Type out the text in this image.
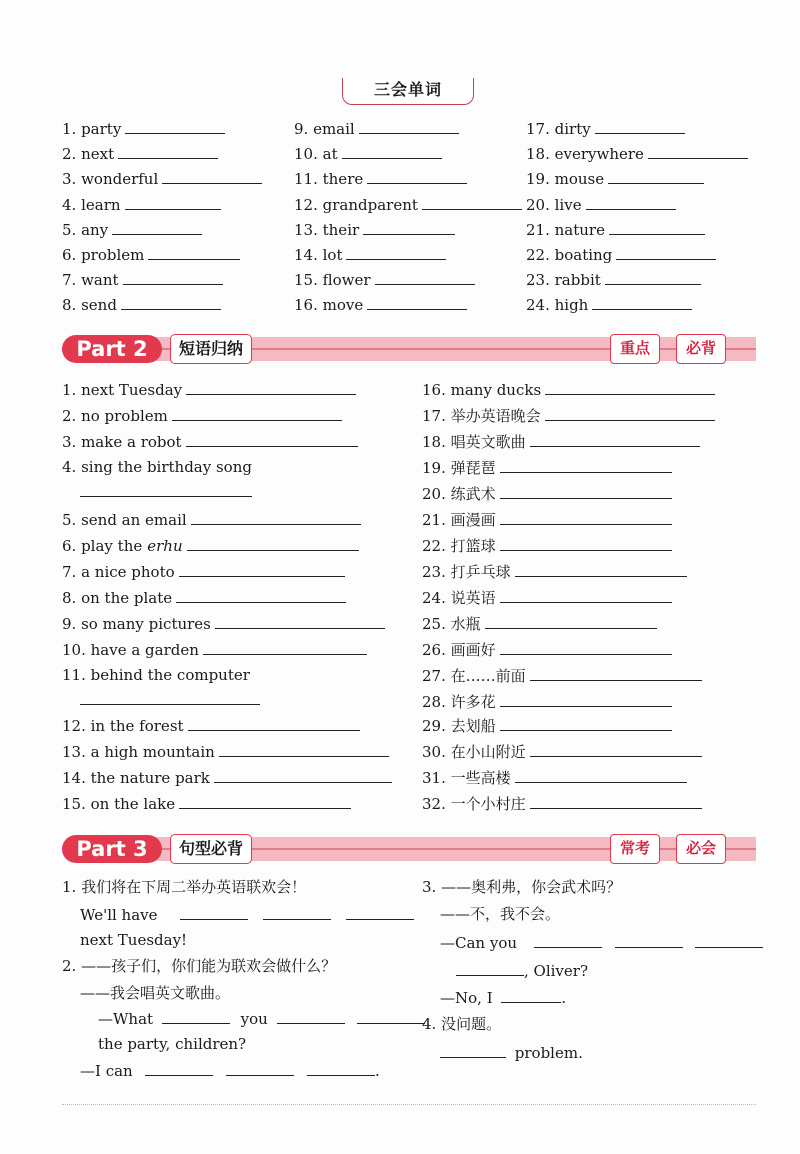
三会单词
1. party
2. next
3. wonderful
4. learn
5. any
6. problem
7. want
8. send
9. email
10. at
11. there
12. grandparent
13. their
14. lot
15. flower
16. move
17. dirty
18. everywhere
19. mouse
20. live
21. nature
22. boating
23. rabbit
24. high
Part 2	短语归纳	重点	必背
1. next Tuesday
2. no problem
3. make a robot
4. sing the birthday song
5. send an email
6. play the erhu
7. a nice photo
8. on the plate
9. so many pictures
10. have a garden
11. behind the computer
12. in the forest
13. a high mountain
14. the nature park
15. on the lake
16. many ducks
17. 举办英语晚会
18. 唱英文歌曲
19. 弹琵琶
20. 练武术
21. 画漫画
22. 打篮球
23. 打乒乓球
24. 说英语
25. 水瓶
26. 画画好
27. 在……前面
28. 许多花
29. 去划船
30. 在小山附近
31. 一些高楼
32. 一个小村庄
Part 3	句型必背	常考	必会
1. 我们将在下周二举办英语联欢会！
We'll have
next Tuesday!
2. ——孩子们，你们能为联欢会做什么？
——我会唱英文歌曲。
—What	you
the party, children?
—I can	.
3. ——奥利弗，你会武术吗？
——不，我不会。
—Can you
, Oliver?
—No, I	.
4. 没问题。
problem.
